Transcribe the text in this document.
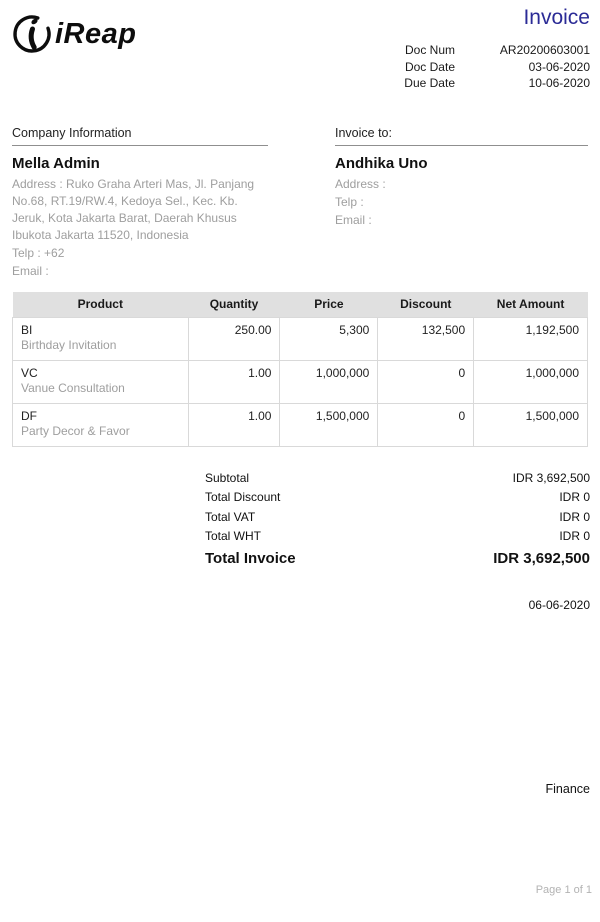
iReap
Invoice
Doc Num	AR20200603001
Doc Date	03-06-2020
Due Date	10-06-2020
Company Information
Mella Admin
Address : Ruko Graha Arteri Mas, Jl. Panjang No.68, RT.19/RW.4, Kedoya Sel., Kec. Kb. Jeruk, Kota Jakarta Barat, Daerah Khusus Ibukota Jakarta 11520, Indonesia
Telp : +62
Email :
Invoice to:
Andhika Uno
Address :
Telp :
Email :
Product	Quantity	Price	Discount	Net Amount

BI
Birthday Invitation	250.00	5,300	132,500	1,192,500

VC
Vanue Consultation	1.00	1,000,000	0	1,000,000

DF
Party Decor & Favor	1.00	1,500,000	0	1,500,000
Subtotal	IDR 3,692,500
Total Discount	IDR 0
Total VAT	IDR 0
Total WHT	IDR 0
Total Invoice	IDR 3,692,500
06-06-2020
Finance
Page 1 of 1
